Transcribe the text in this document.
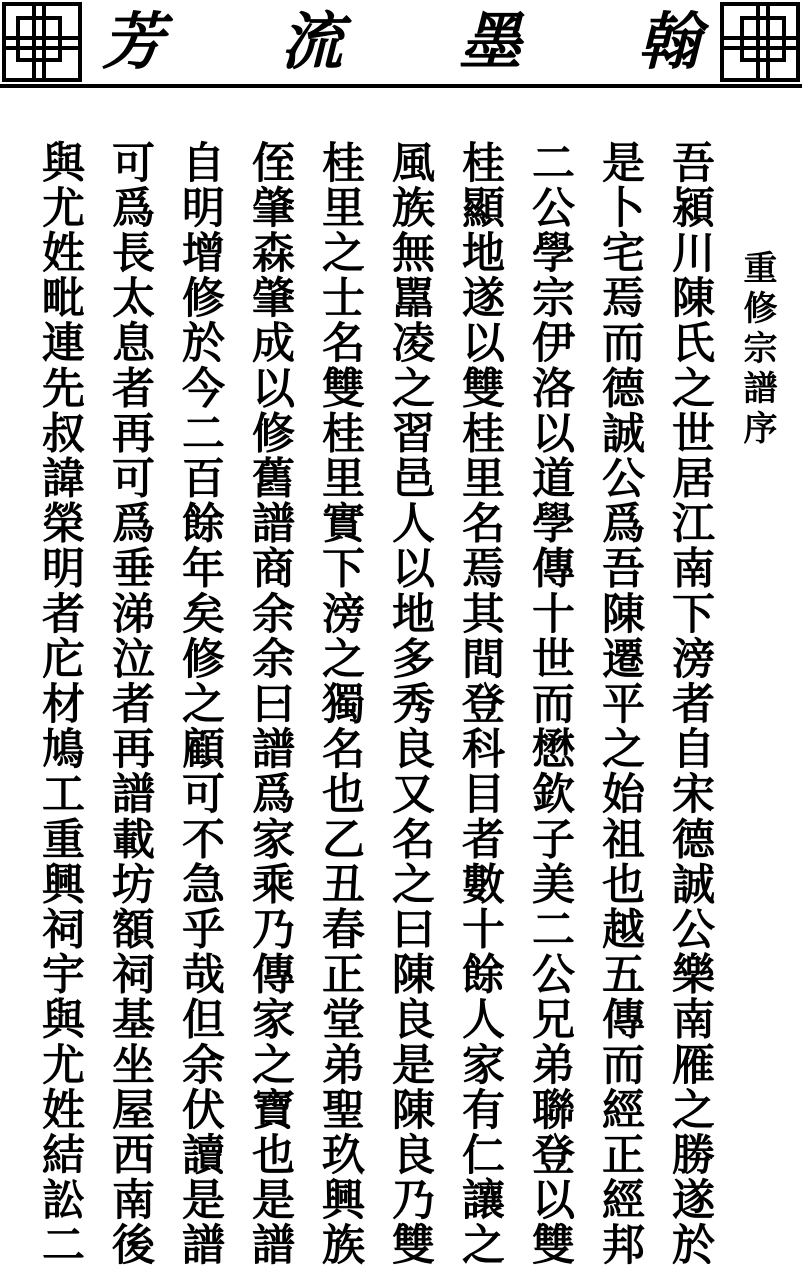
芳 流 墨 翰
重修宗譜序
吾潁川陳氏之世居江南下滂者自宋德誠公樂南雁之勝遂於
是卜宅焉而德誠公爲吾陳遷平之始祖也越五傳而經正經邦
二公學宗伊洛以道學傳十世而懋欽子美二公兄弟聯登以雙
桂顯地遂以雙桂里名焉其間登科目者數十餘人家有仁讓之
風族無嚚凌之習邑人以地多秀良又名之曰陳良是陳良乃雙
桂里之士名雙桂里實下滂之獨名也乙丑春正堂弟聖玖興族
侄肇森肇成以修舊譜商余余曰譜爲家乘乃傳家之寶也是譜
自明增修於今二百餘年矣修之顧可不急乎哉但余伏讀是譜
可爲長太息者再可爲垂涕泣者再譜載坊額祠基坐屋西南後
與尤姓毗連先叔諱榮明者庀材鳩工重興祠宇與尤姓結訟二
